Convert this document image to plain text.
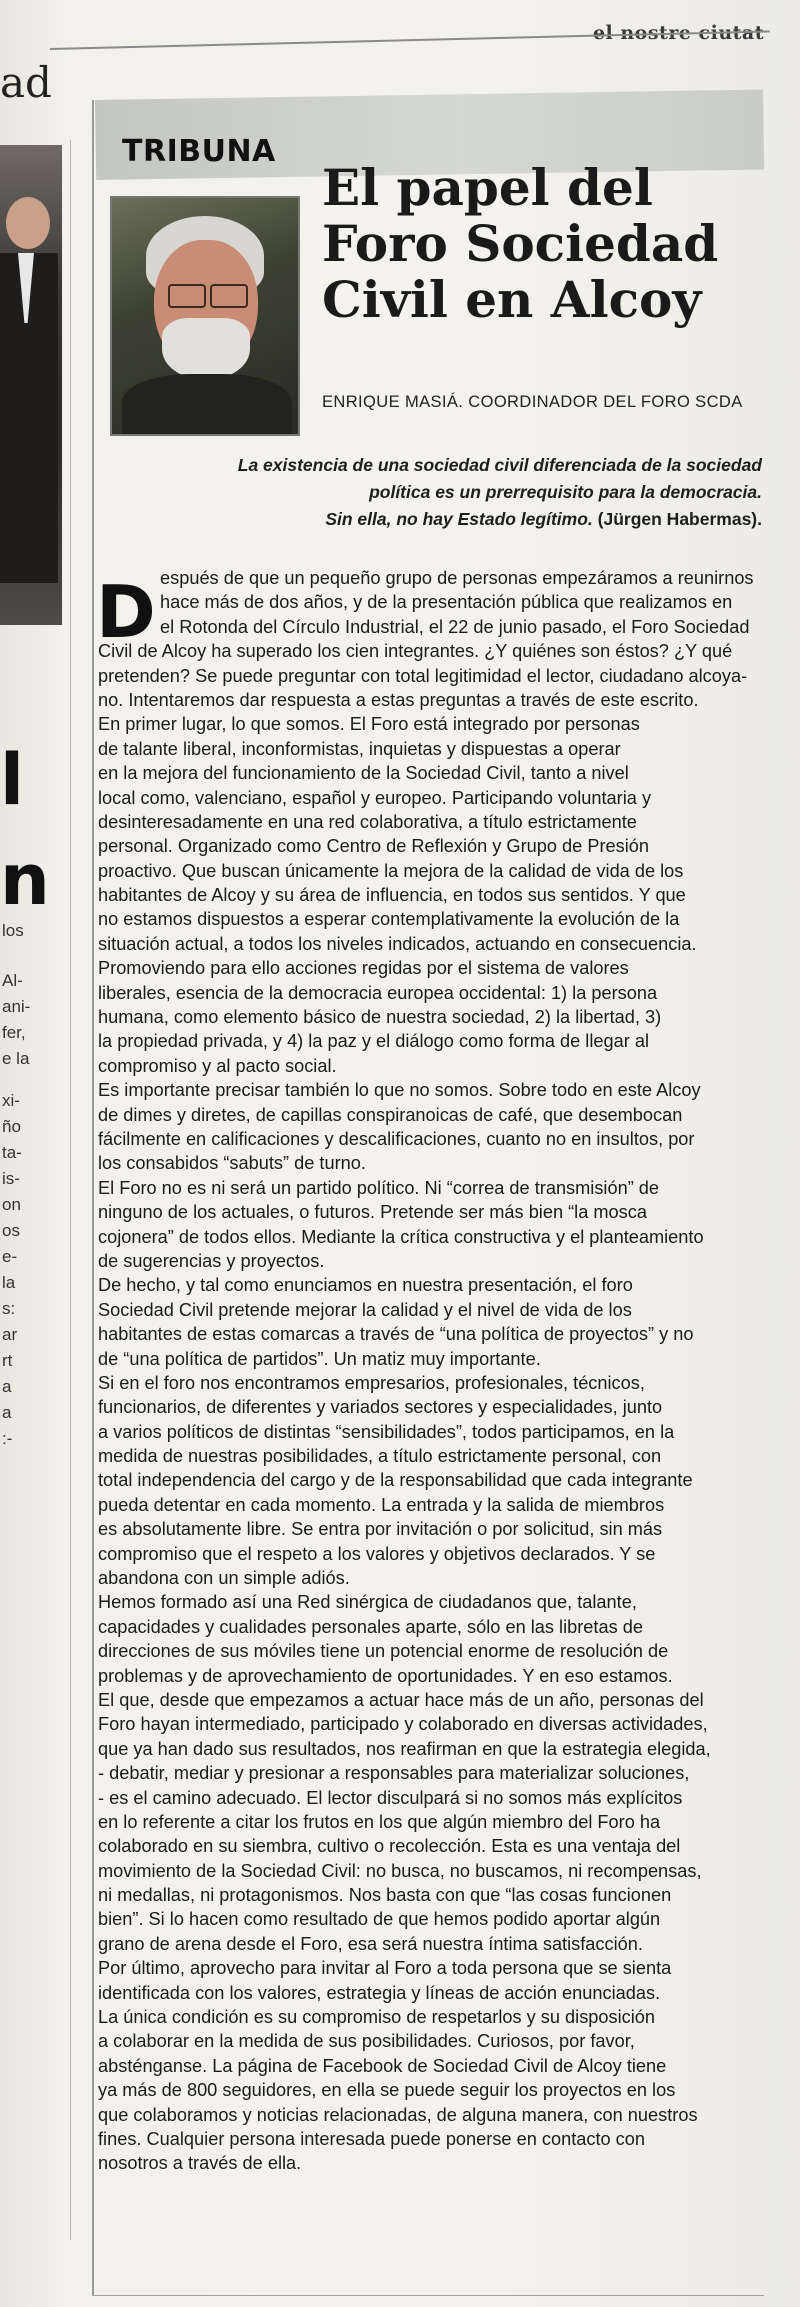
el nostre ciutat
ad
l
n
los
Al-
ani-
fer,
e la
xi-
ño
ta-
is-
on
os
e-
la
s:
ar
rt
a
a
:-
TRIBUNA
El papel del Foro Sociedad Civil en Alcoy
ENRIQUE MASIÁ. COORDINADOR DEL FORO SCDA
La existencia de una sociedad civil diferenciada de la sociedad
política es un prerrequisito para la democracia.
Sin ella, no hay Estado legítimo. (Jürgen Habermas).
D espués de que un pequeño grupo de personas empezáramos a reunirnos
hace más de dos años, y de la presentación pública que realizamos en
el Rotonda del Círculo Industrial, el 22 de junio pasado, el Foro Sociedad
Civil de Alcoy ha superado los cien integrantes. ¿Y quiénes son éstos? ¿Y qué
pretenden? Se puede preguntar con total legitimidad el lector, ciudadano alcoya-
no. Intentaremos dar respuesta a estas preguntas a través de este escrito.
En primer lugar, lo que somos. El Foro está integrado por personas
de talante liberal, inconformistas, inquietas y dispuestas a operar
en la mejora del funcionamiento de la Sociedad Civil, tanto a nivel
local como, valenciano, español y europeo. Participando voluntaria y
desinteresadamente en una red colaborativa, a título estrictamente
personal. Organizado como Centro de Reflexión y Grupo de Presión
proactivo. Que buscan únicamente la mejora de la calidad de vida de los
habitantes de Alcoy y su área de influencia, en todos sus sentidos. Y que
no estamos dispuestos a esperar contemplativamente la evolución de la
situación actual, a todos los niveles indicados, actuando en consecuencia.
Promoviendo para ello acciones regidas por el sistema de valores
liberales, esencia de la democracia europea occidental: 1) la persona
humana, como elemento básico de nuestra sociedad, 2) la libertad, 3)
la propiedad privada, y 4) la paz y el diálogo como forma de llegar al
compromiso y al pacto social.
Es importante precisar también lo que no somos. Sobre todo en este Alcoy
de dimes y diretes, de capillas conspiranoicas de café, que desembocan
fácilmente en calificaciones y descalificaciones, cuanto no en insultos, por
los consabidos “sabuts” de turno.
El Foro no es ni será un partido político. Ni “correa de transmisión” de
ninguno de los actuales, o futuros. Pretende ser más bien “la mosca
cojonera” de todos ellos. Mediante la crítica constructiva y el planteamiento
de sugerencias y proyectos.
De hecho, y tal como enunciamos en nuestra presentación, el foro
Sociedad Civil pretende mejorar la calidad y el nivel de vida de los
habitantes de estas comarcas a través de “una política de proyectos” y no
de “una política de partidos”. Un matiz muy importante.
Si en el foro nos encontramos empresarios, profesionales, técnicos,
funcionarios, de diferentes y variados sectores y especialidades, junto
a varios políticos de distintas “sensibilidades”, todos participamos, en la
medida de nuestras posibilidades, a título estrictamente personal, con
total independencia del cargo y de la responsabilidad que cada integrante
pueda detentar en cada momento. La entrada y la salida de miembros
es absolutamente libre. Se entra por invitación o por solicitud, sin más
compromiso que el respeto a los valores y objetivos declarados. Y se
abandona con un simple adiós.
Hemos formado así una Red sinérgica de ciudadanos que, talante,
capacidades y cualidades personales aparte, sólo en las libretas de
direcciones de sus móviles tiene un potencial enorme de resolución de
problemas y de aprovechamiento de oportunidades. Y en eso estamos.
El que, desde que empezamos a actuar hace más de un año, personas del
Foro hayan intermediado, participado y colaborado en diversas actividades,
que ya han dado sus resultados, nos reafirman en que la estrategia elegida,
- debatir, mediar y presionar a responsables para materializar soluciones,
- es el camino adecuado. El lector disculpará si no somos más explícitos
en lo referente a citar los frutos en los que algún miembro del Foro ha
colaborado en su siembra, cultivo o recolección. Esta es una ventaja del
movimiento de la Sociedad Civil: no busca, no buscamos, ni recompensas,
ni medallas, ni protagonismos. Nos basta con que “las cosas funcionen
bien”. Si lo hacen como resultado de que hemos podido aportar algún
grano de arena desde el Foro, esa será nuestra íntima satisfacción.
Por último, aprovecho para invitar al Foro a toda persona que se sienta
identificada con los valores, estrategia y líneas de acción enunciadas.
La única condición es su compromiso de respetarlos y su disposición
a colaborar en la medida de sus posibilidades. Curiosos, por favor,
absténganse. La página de Facebook de Sociedad Civil de Alcoy tiene
ya más de 800 seguidores, en ella se puede seguir los proyectos en los
que colaboramos y noticias relacionadas, de alguna manera, con nuestros
fines. Cualquier persona interesada puede ponerse en contacto con
nosotros a través de ella.
